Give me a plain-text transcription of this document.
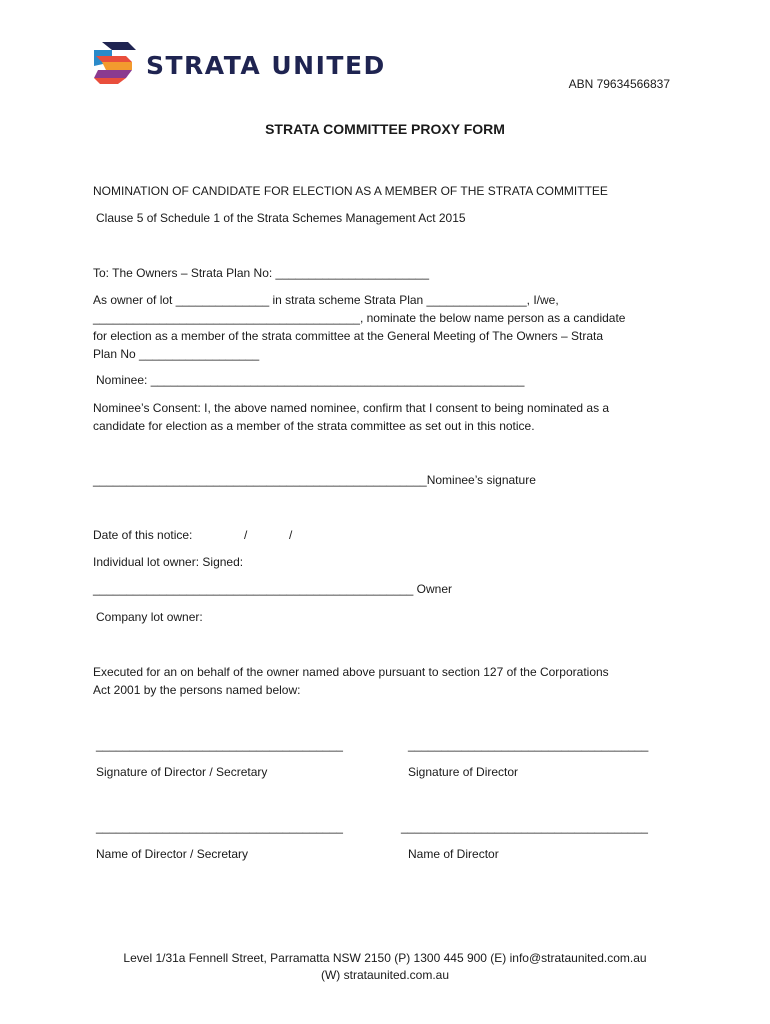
STRATA UNITED
ABN 79634566837
STRATA COMMITTEE PROXY FORM
NOMINATION OF CANDIDATE FOR ELECTION AS A MEMBER OF THE STRATA COMMITTEE
Clause 5 of Schedule 1 of the Strata Schemes Management Act 2015
To: The Owners – Strata Plan No: _______________________
As owner of lot ______________ in strata scheme Strata Plan _______________, I/we,
________________________________________, nominate the below name person as a candidate
for election as a member of the strata committee at the General Meeting of The Owners – Strata
Plan No __________________
Nominee: ________________________________________________________
Nominee’s Consent: I, the above named nominee, confirm that I consent to being nominated as a
candidate for election as a member of the strata committee as set out in this notice.
__________________________________________________Nominee’s signature
Date of this notice:	/	/
Individual lot owner: Signed:
________________________________________________ Owner
Company lot owner:
Executed for an on behalf of the owner named above pursuant to section 127 of the Corporations
Act 2001 by the persons named below:
_____________________________________	____________________________________
Signature of Director / Secretary	Signature of Director
_____________________________________	_____________________________________
Name of Director / Secretary	Name of Director
Level 1/31a Fennell Street, Parramatta NSW 2150 (P) 1300 445 900 (E) info@strataunited.com.au
(W) strataunited.com.au
